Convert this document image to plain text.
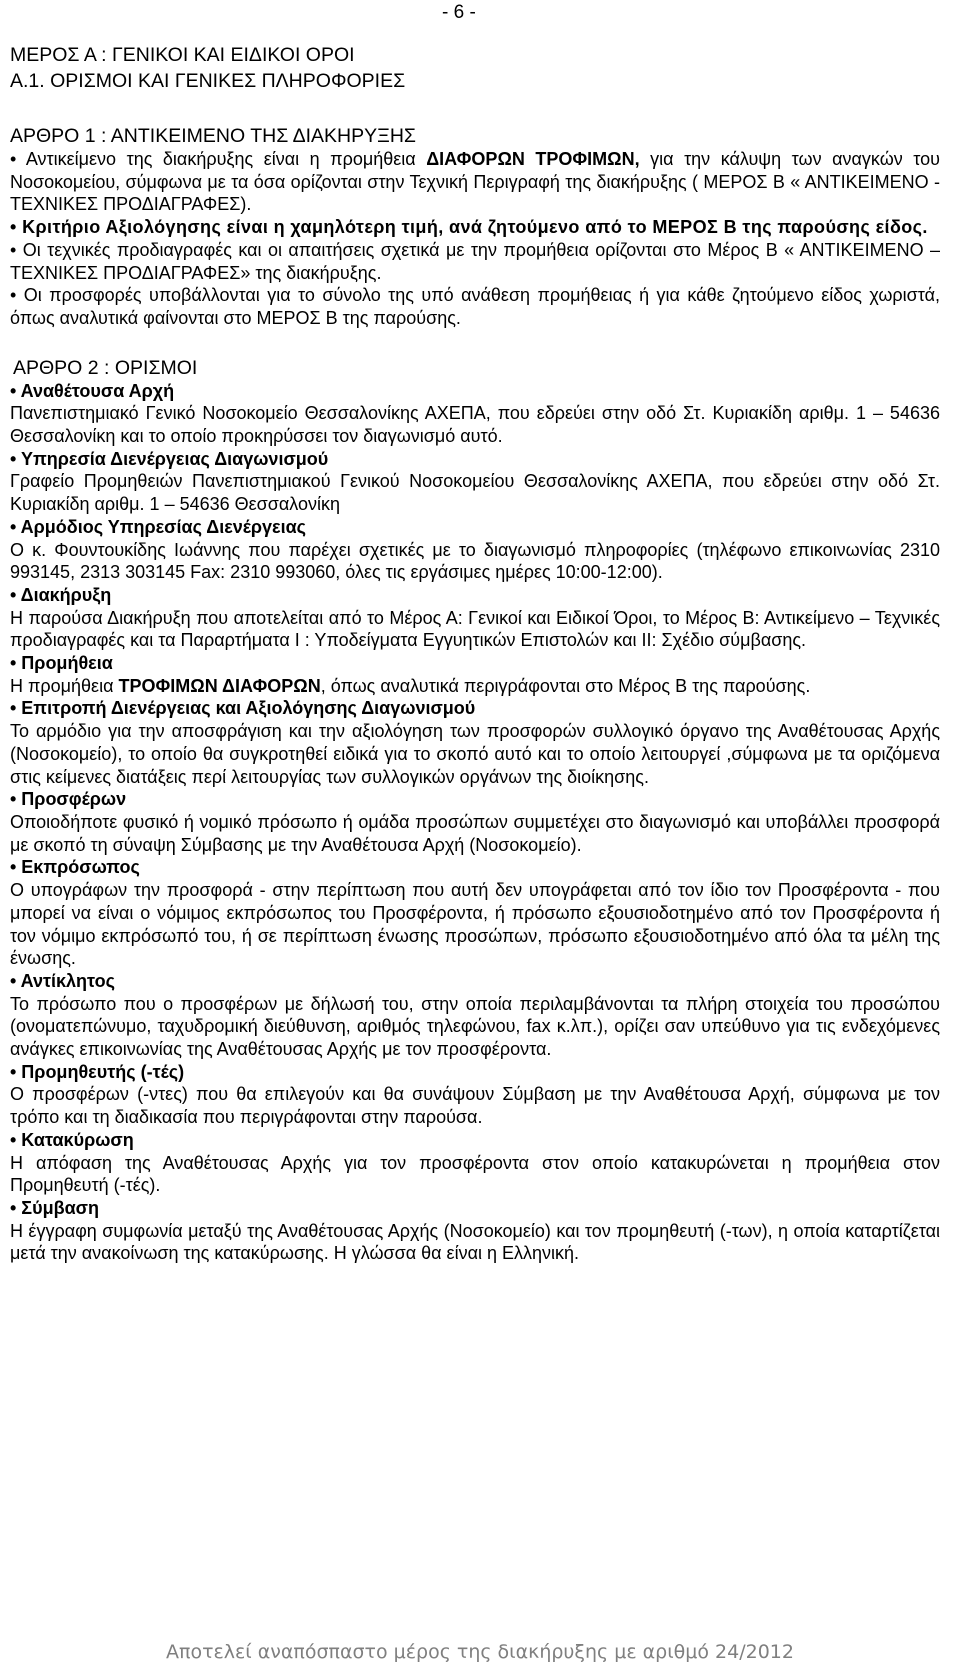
- 6 -
ΜΕΡΟΣ Α : ΓΕΝΙΚΟΙ ΚΑΙ ΕΙΔΙΚΟΙ ΟΡΟΙ
Α.1. ΟΡΙΣΜΟΙ ΚΑΙ ΓΕΝΙΚΕΣ ΠΛΗΡΟΦΟΡΙΕΣ
ΑΡΘΡΟ 1 : ΑΝΤΙΚΕΙΜΕΝΟ ΤΗΣ ΔΙΑΚΗΡΥΞΗΣ

• Αντικείμενο της διακήρυξης είναι η προμήθεια ΔΙΑΦΟΡΩΝ ΤΡΟΦΙΜΩΝ, για την κάλυψη των αναγκών του Νοσοκομείου, σύμφωνα με τα όσα ορίζονται στην Τεχνική Περιγραφή της διακήρυξης ( ΜΕΡΟΣ Β « ΑΝΤΙΚΕΙΜΕΝΟ - ΤΕΧΝΙΚΕΣ ΠΡΟΔΙΑΓΡΑΦΕΣ).

• Κριτήριο Αξιολόγησης είναι η χαμηλότερη τιμή, ανά ζητούμενο από το ΜΕΡΟΣ Β της παρούσης είδος.

• Οι τεχνικές προδιαγραφές και οι απαιτήσεις σχετικά με την προμήθεια ορίζονται στο Μέρος Β « ΑΝΤΙΚΕΙΜΕΝΟ – ΤΕΧΝΙΚΕΣ ΠΡΟΔΙΑΓΡΑΦΕΣ» της διακήρυξης.

• Οι προσφορές υποβάλλονται για το σύνολο της υπό ανάθεση προμήθειας ή για κάθε ζητούμενο είδος χωριστά, όπως αναλυτικά φαίνονται στο ΜΕΡΟΣ Β της παρούσης.

ΑΡΘΡΟ 2 : ΟΡΙΣΜΟΙ

• Αναθέτουσα Αρχή

Πανεπιστημιακό Γενικό Νοσοκομείο Θεσσαλονίκης ΑΧΕΠΑ, που εδρεύει στην οδό Στ. Κυριακίδη αριθμ. 1 – 54636 Θεσσαλονίκη και το οποίο προκηρύσσει τον διαγωνισμό αυτό.

• Υπηρεσία Διενέργειας Διαγωνισμού

Γραφείο Προμηθειών Πανεπιστημιακού Γενικού Νοσοκομείου Θεσσαλονίκης ΑΧΕΠΑ, που εδρεύει στην οδό Στ. Κυριακίδη αριθμ. 1 – 54636 Θεσσαλονίκη

• Αρμόδιος Υπηρεσίας Διενέργειας

Ο κ. Φουντουκίδης Ιωάννης που παρέχει σχετικές με το διαγωνισμό πληροφορίες (τηλέφωνο επικοινωνίας 2310 993145, 2313 303145 Fax: 2310 993060, όλες τις εργάσιμες ημέρες 10:00-12:00).

• Διακήρυξη

Η παρούσα Διακήρυξη που αποτελείται από το Μέρος Α: Γενικοί και Ειδικοί Όροι, το Μέρος Β: Αντικείμενο – Τεχνικές προδιαγραφές και τα Παραρτήματα Ι : Υποδείγματα Εγγυητικών Επιστολών και ΙΙ: Σχέδιο σύμβασης.

• Προμήθεια

Η προμήθεια ΤΡΟΦΙΜΩΝ ΔΙΑΦΟΡΩΝ, όπως αναλυτικά περιγράφονται στο Μέρος Β της παρούσης.

• Επιτροπή Διενέργειας και Αξιολόγησης Διαγωνισμού

Το αρμόδιο για την αποσφράγιση και την αξιολόγηση των προσφορών συλλογικό όργανο της Αναθέτουσας Αρχής (Νοσοκομείο), το οποίο θα συγκροτηθεί ειδικά για το σκοπό αυτό και το οποίο λειτουργεί ,σύμφωνα με τα οριζόμενα στις κείμενες διατάξεις περί λειτουργίας των συλλογικών οργάνων της διοίκησης.

• Προσφέρων

Οποιοδήποτε φυσικό ή νομικό πρόσωπο ή ομάδα προσώπων συμμετέχει στο διαγωνισμό και υποβάλλει προσφορά με σκοπό τη σύναψη Σύμβασης με την Αναθέτουσα Αρχή (Νοσοκομείο).

• Εκπρόσωπος

Ο υπογράφων την προσφορά - στην περίπτωση που αυτή δεν υπογράφεται από τον ίδιο τον Προσφέροντα - που μπορεί να είναι ο νόμιμος εκπρόσωπος του Προσφέροντα, ή πρόσωπο εξουσιοδοτημένο από τον Προσφέροντα ή τον νόμιμο εκπρόσωπό του, ή σε περίπτωση ένωσης προσώπων, πρόσωπο εξουσιοδοτημένο από όλα τα μέλη της ένωσης.

• Αντίκλητος

Το πρόσωπο που ο προσφέρων με δήλωσή του, στην οποία περιλαμβάνονται τα πλήρη στοιχεία του προσώπου (ονοματεπώνυμο, ταχυδρομική διεύθυνση, αριθμός τηλεφώνου, fax κ.λπ.), ορίζει σαν υπεύθυνο για τις ενδεχόμενες ανάγκες επικοινωνίας της Αναθέτουσας Αρχής με τον προσφέροντα.

• Προμηθευτής (-τές)

Ο προσφέρων (-ντες) που θα επιλεγούν και θα συνάψουν Σύμβαση με την Αναθέτουσα Αρχή, σύμφωνα με τον τρόπο και τη διαδικασία που περιγράφονται στην παρούσα.

• Κατακύρωση

Η απόφαση της Αναθέτουσας Αρχής για τον προσφέροντα στον οποίο κατακυρώνεται η προμήθεια στον Προμηθευτή (-τές).

• Σύμβαση

Η έγγραφη συμφωνία μεταξύ της Αναθέτουσας Αρχής (Νοσοκομείο) και τον προμηθευτή (-των), η οποία καταρτίζεται μετά την ανακοίνωση της κατακύρωσης. Η γλώσσα θα είναι η Ελληνική.

Αποτελεί αναπόσπαστο μέρος της διακήρυξης με αριθμό 24/2012
